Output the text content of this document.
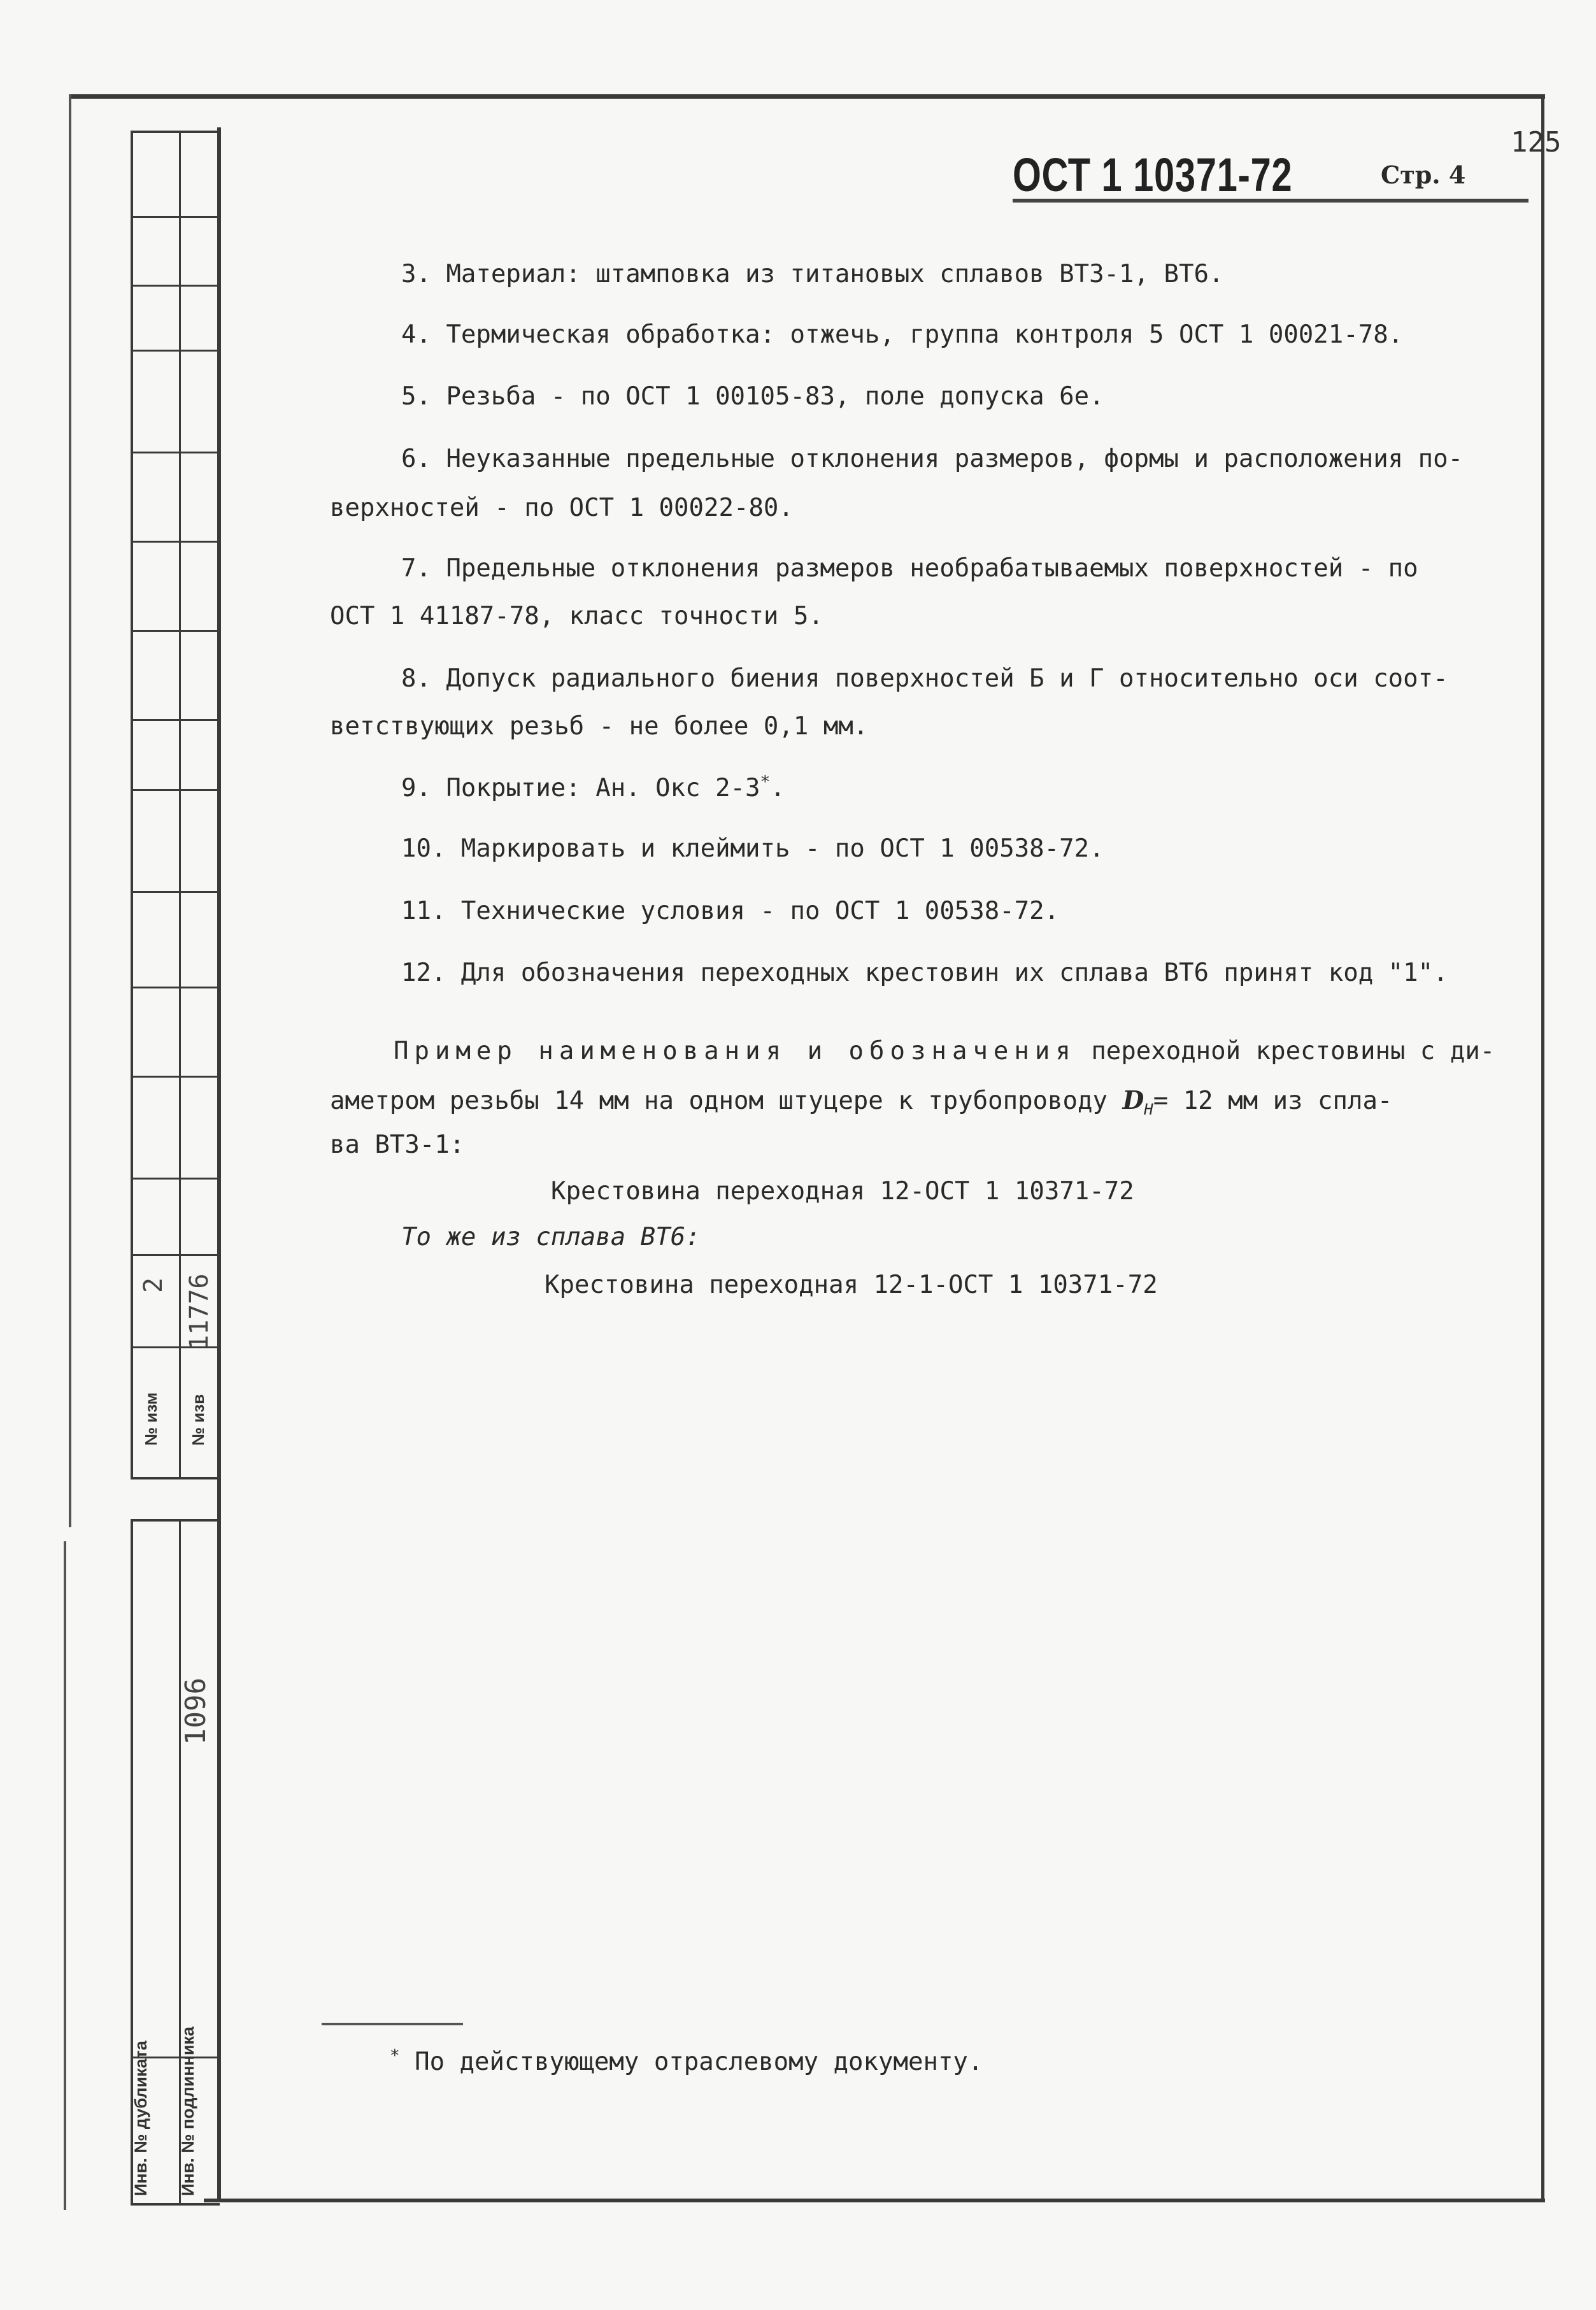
№ изм
2
№ изв
11776
Инв. № дубликата Инв. № подлинника
1096
125
ОСТ 1 10371-72	Стр. 4
3. Материал: штамповка из титановых сплавов ВТ3-1, ВТ6.
4. Термическая обработка: отжечь, группа контроля 5 ОСТ 1 00021-78.
5. Резьба - по ОСТ 1 00105-83, поле допуска 6е.
6. Неуказанные предельные отклонения размеров, формы и расположения по-
верхностей - по ОСТ 1 00022-80.
7. Предельные отклонения размеров необрабатываемых поверхностей - по
ОСТ 1 41187-78, класс точности 5.
8. Допуск радиального биения поверхностей Б и Г относительно оси соот-
ветствующих резьб - не более 0,1 мм.
9. Покрытие: Ан. Окс 2-3*.
10. Маркировать и клеймить - по ОСТ 1 00538-72.
11. Технические условия - по ОСТ 1 00538-72.
12. Для обозначения переходных крестовин их сплава ВТ6 принят код "1".
Пример наименования и обозначения переходной крестовины с ди-
аметром резьбы 14 мм на одном штуцере к трубопроводу $D_Н= 12$ мм из спла-
ва ВТ3-1:
Крестовина переходная 12-ОСТ 1 10371-72
То же из сплава ВТ6:
Крестовина переходная 12-1-ОСТ 1 10371-72
* По действующему отраслевому документу.
